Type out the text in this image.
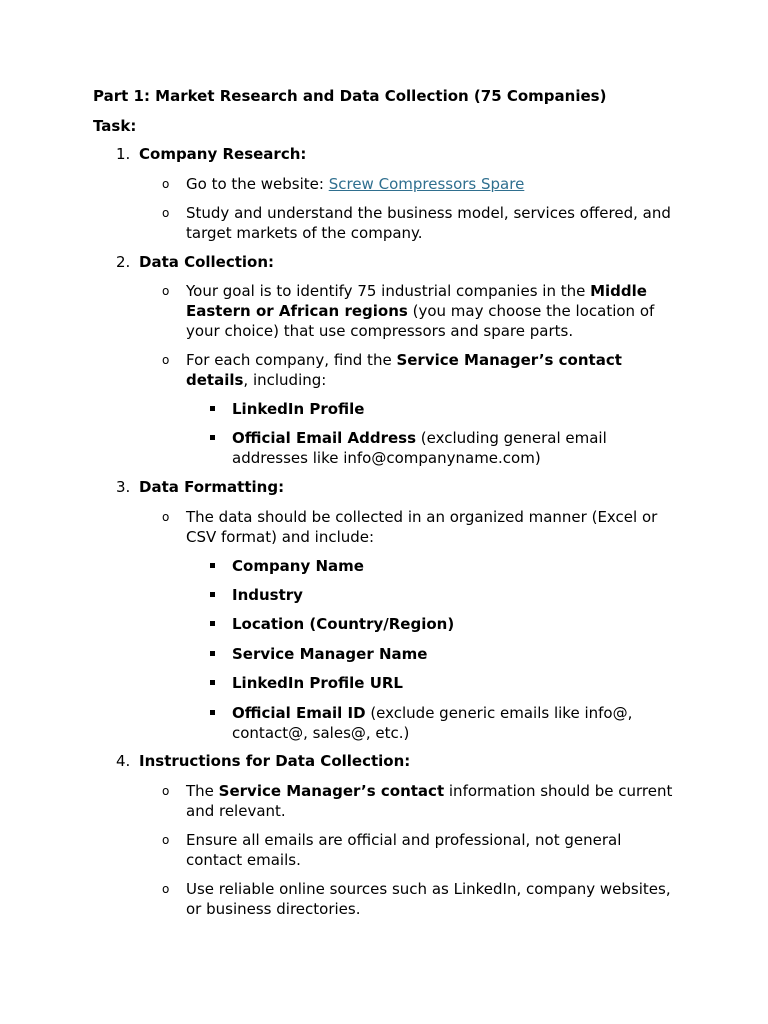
Part 1: Market Research and Data Collection (75 Companies)
Task:
1. Company Research:
o Go to the website: Screw Compressors Spare
o Study and understand the business model, services offered, and target markets of the company.
2. Data Collection:
o Your goal is to identify 75 industrial companies in the Middle Eastern or African regions (you may choose the location of your choice) that use compressors and spare parts.
o For each company, find the Service Manager’s contact details, including:
LinkedIn Profile
Official Email Address (excluding general email addresses like info@companyname.com)
3. Data Formatting:
o The data should be collected in an organized manner (Excel or CSV format) and include:
Company Name
Industry
Location (Country/Region)
Service Manager Name
LinkedIn Profile URL
Official Email ID (exclude generic emails like info@, contact@, sales@, etc.)
4. Instructions for Data Collection:
o The Service Manager’s contact information should be current and relevant.
o Ensure all emails are official and professional, not general contact emails.
o Use reliable online sources such as LinkedIn, company websites, or business directories.
